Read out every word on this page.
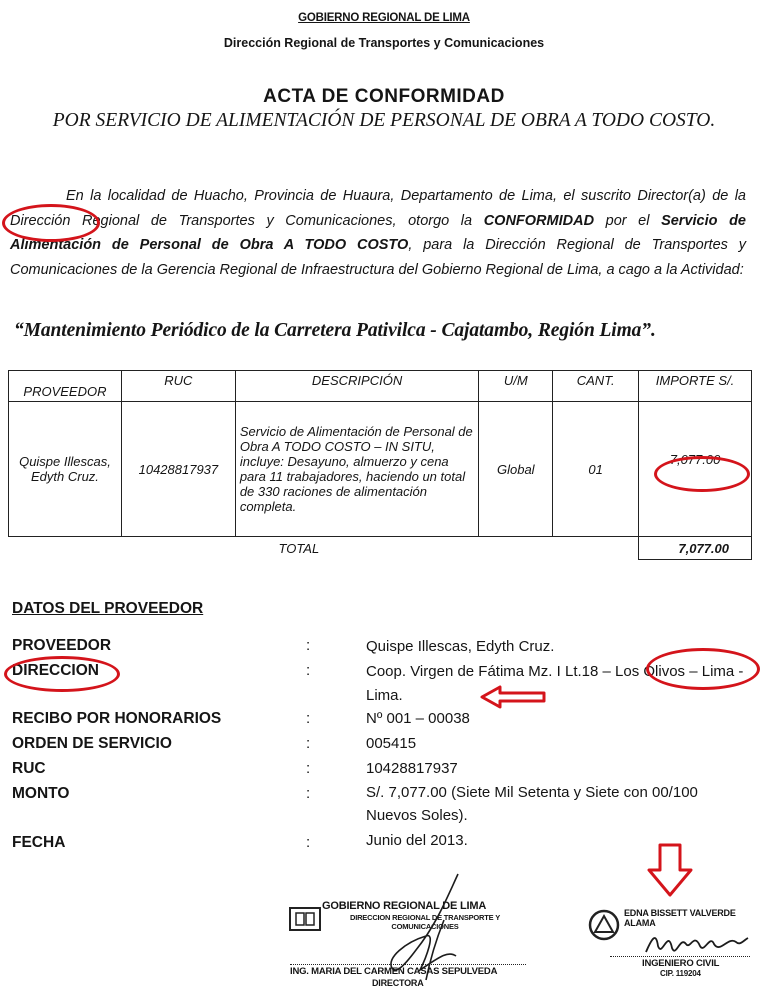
GOBIERNO REGIONAL DE LIMA
Dirección Regional de Transportes y Comunicaciones
ACTA DE CONFORMIDAD
POR SERVICIO DE ALIMENTACIÓN DE PERSONAL DE OBRA A TODO COSTO.

En la localidad de Huacho, Provincia de Huaura, Departamento de Lima, el suscrito Director(a) de la Dirección Regional de Transportes y Comunicaciones, otorgo la CONFORMIDAD por el Servicio de Alimentación de Personal de Obra A TODO COSTO, para la Dirección Regional de Transportes y Comunicaciones de la Gerencia Regional de Infraestructura del Gobierno Regional de Lima, a cago a la Actividad:

“Mantenimiento Periódico de la Carretera Pativilca - Cajatambo, Región Lima”.
PROVEEDOR	RUC	DESCRIPCIÓN	U/M	CANT.	IMPORTE S/.
Quispe Illescas, Edyth Cruz.	10428817937	Servicio de Alimentación de Personal de Obra A TODO COSTO – IN SITU, incluye: Desayuno, almuerzo y cena para 11 trabajadores, haciendo un total de 330 raciones de alimentación completa.	Global	01	7,077.00
TOTAL					7,077.00
DATOS DEL PROVEEDOR
PROVEEDOR	:	Quispe Illescas, Edyth Cruz.
DIRECCION	:	Coop. Virgen de Fátima Mz. I Lt.18 – Los Olivos – Lima - Lima.
RECIBO POR HONORARIOS	:	Nº 001 – 00038
ORDEN DE SERVICIO	:	005415
RUC	:	10428817937
MONTO	:	S/. 7,077.00 (Siete Mil Setenta y Siete con 00/100 Nuevos Soles).
FECHA	:	Junio del 2013.
GOBIERNO REGIONAL DE LIMA
DIRECCION REGIONAL DE TRANSPORTE Y COMUNICACIONES
ING. MARIA DEL CARMEN CASAS SEPULVEDA
DIRECTORA
EDNA BISSETT VALVERDE ALAMA
INGENIERO CIVIL
CIP. 119204
